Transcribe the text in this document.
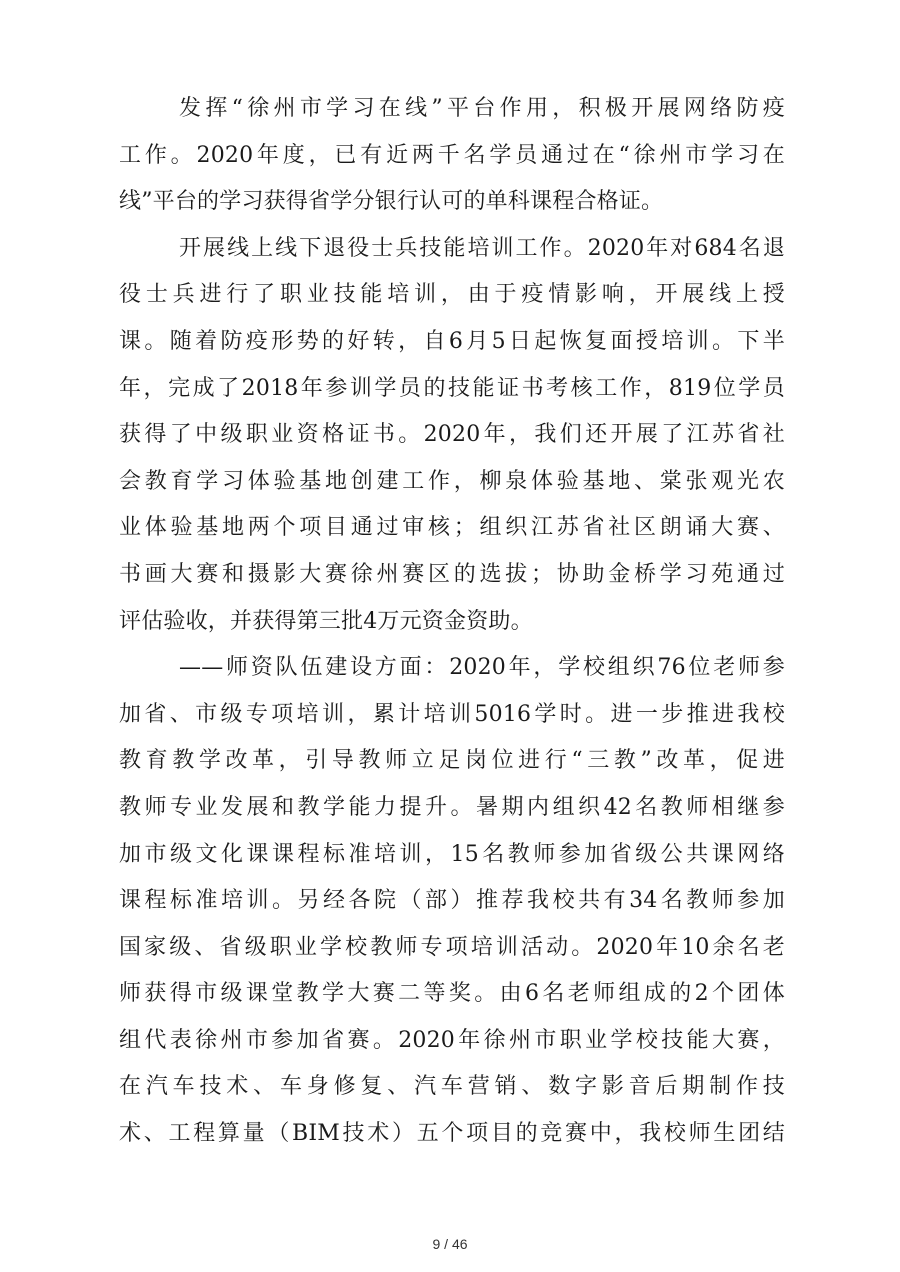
发挥“徐州市学习在线”平台作用，积极开展网络防疫
工作。2020年度，已有近两千名学员通过在“徐州市学习在
线”平台的学习获得省学分银行认可的单科课程合格证。
开展线上线下退役士兵技能培训工作。2020年对684名退
役士兵进行了职业技能培训，由于疫情影响，开展线上授
课。随着防疫形势的好转，自6月5日起恢复面授培训。下半
年，完成了2018年参训学员的技能证书考核工作，819位学员
获得了中级职业资格证书。2020年，我们还开展了江苏省社
会教育学习体验基地创建工作，柳泉体验基地、棠张观光农
业体验基地两个项目通过审核；组织江苏省社区朗诵大赛、
书画大赛和摄影大赛徐州赛区的选拔；协助金桥学习苑通过
评估验收，并获得第三批4万元资金资助。
——师资队伍建设方面：2020年，学校组织76位老师参
加省、市级专项培训，累计培训5016学时。进一步推进我校
教育教学改革，引导教师立足岗位进行“三教”改革，促进
教师专业发展和教学能力提升。暑期内组织42名教师相继参
加市级文化课课程标准培训，15名教师参加省级公共课网络
课程标准培训。另经各院（部）推荐我校共有34名教师参加
国家级、省级职业学校教师专项培训活动。2020年10余名老
师获得市级课堂教学大赛二等奖。由6名老师组成的2个团体
组代表徐州市参加省赛。2020年徐州市职业学校技能大赛，
在汽车技术、车身修复、汽车营销、数字影音后期制作技
术、工程算量（BIM技术）五个项目的竞赛中，我校师生团结
9 / 46
